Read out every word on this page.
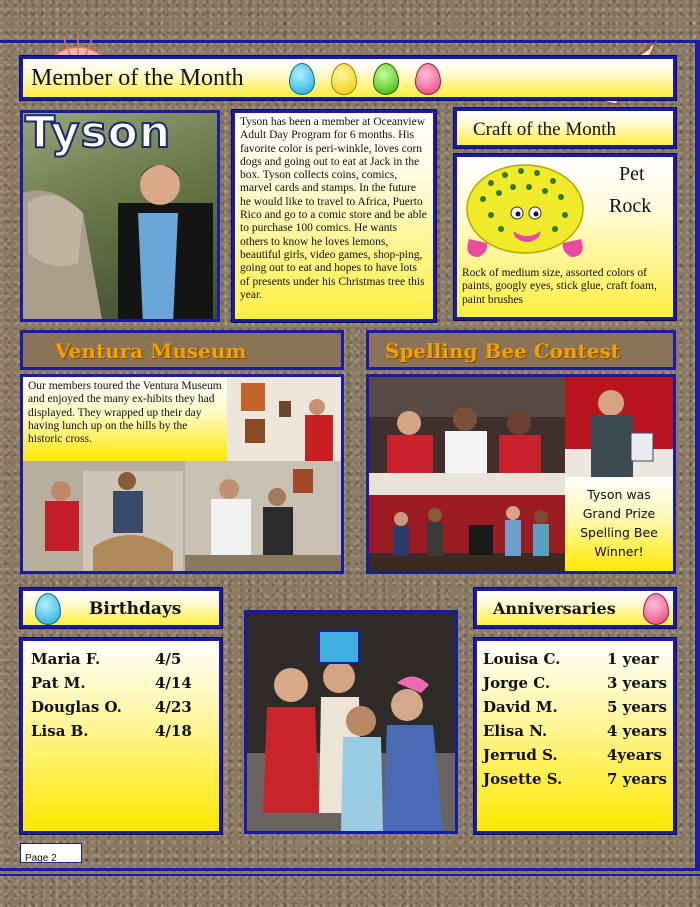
Member of the Month
Tyson	Tyson has been a member at Oceanview Adult Day Program for 6 months. His favorite color is peri-winkle, loves corn dogs and going out to eat at Jack in the box. Tyson collects coins, comics, marvel cards and stamps. In the future he would like to travel to Africa, Puerto Rico and go to a comic store and be able to purchase 100 comics. He wants others to know he loves lemons, beautiful girls, video games, shop-ping, going out to eat and hopes to have lots of presents under his Christmas tree this year.

Craft of the Month
Pet
Rock

Rock of medium size, assorted colors of paints, googly eyes, stick glue, craft foam, paint brushes

Ventura Museum	Spelling Bee Contest

Our members toured the Ventura Museum and enjoyed the many ex-hibits they had displayed. They wrapped up their day having lunch up on the hills by the historic cross.

Tyson was Grand Prize Spelling Bee Winner!

Birthdays
Maria F.	4/5
Pat M.	4/14
Douglas O.	4/23
Lisa B.	4/18
Anniversaries
Louisa C.	1 year
Jorge C.	3 years
David M.	5 years
Elisa N.	4 years
Jerrud S.	4years
Josette S.	7 years
Page 2
